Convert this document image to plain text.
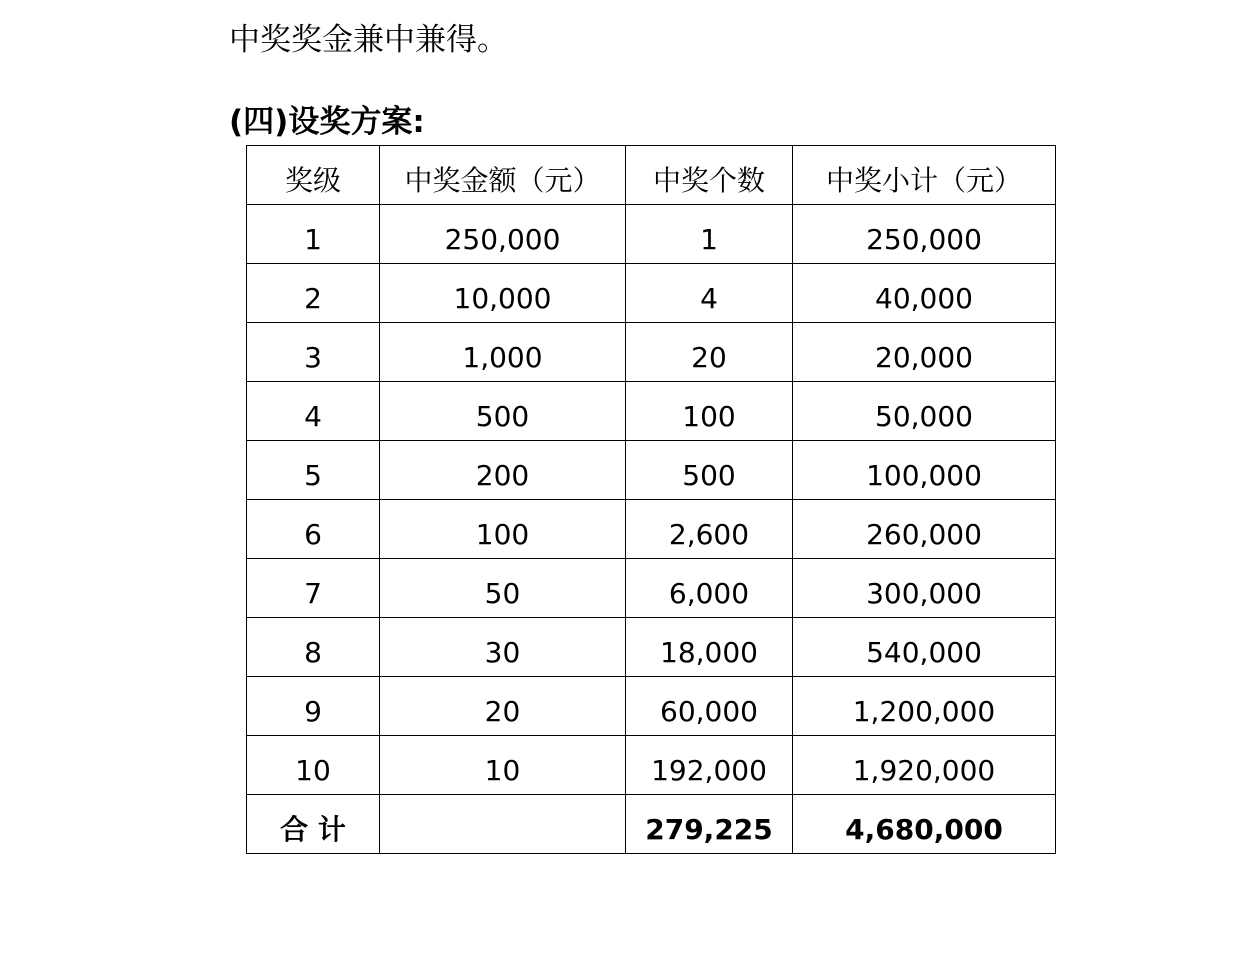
中奖奖金兼中兼得。
(四)设奖方案:
奖级	中奖金额（元）	中奖个数	中奖小计（元）
1	250,000	1	250,000
2	10,000	4	40,000
3	1,000	20	20,000
4	500	100	50,000
5	200	500	100,000
6	100	2,600	260,000
7	50	6,000	300,000
8	30	18,000	540,000
9	20	60,000	1,200,000
10	10	192,000	1,920,000
合 计		279,225	4,680,000
